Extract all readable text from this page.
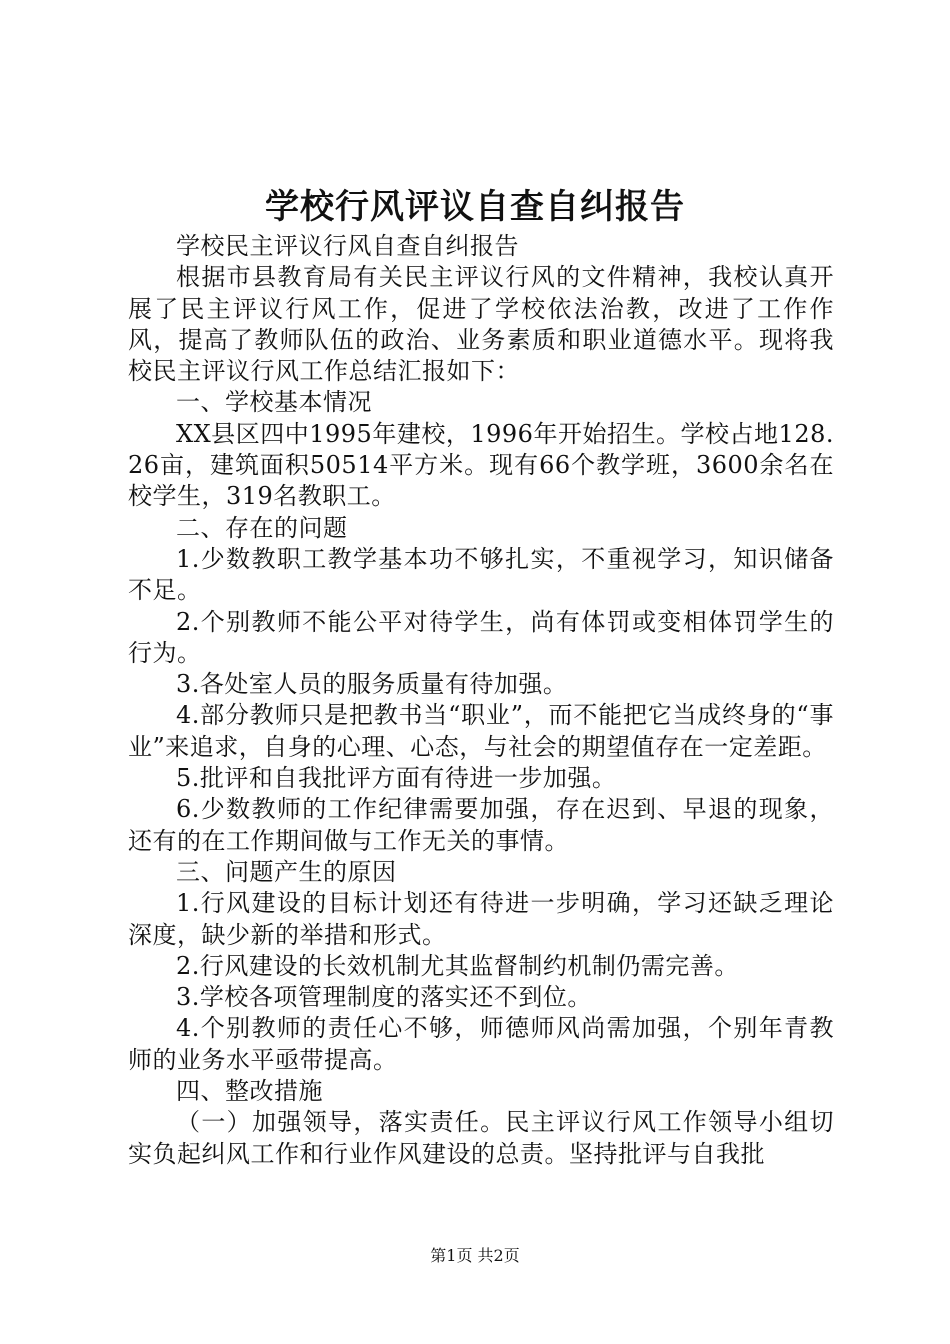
学校行风评议自查自纠报告

学校民主评议行风自查自纠报告

根据市县教育局有关民主评议行风的文件精神，我校认真开展了民主评议行风工作，促进了学校依法治教，改进了工作作风，提高了教师队伍的政治、业务素质和职业道德水平。现将我校民主评议行风工作总结汇报如下：

一、学校基本情况

XX县区四中1995年建校，1996年开始招生。学校占地128.26亩，建筑面积50514平方米。现有66个教学班，3600余名在校学生，319名教职工。

二、存在的问题

1.少数教职工教学基本功不够扎实，不重视学习，知识储备不足。

2.个别教师不能公平对待学生，尚有体罚或变相体罚学生的行为。

3.各处室人员的服务质量有待加强。

4.部分教师只是把教书当“职业”，而不能把它当成终身的“事业”来追求，自身的心理、心态，与社会的期望值存在一定差距。

5.批评和自我批评方面有待进一步加强。

6.少数教师的工作纪律需要加强，存在迟到、早退的现象，还有的在工作期间做与工作无关的事情。

三、问题产生的原因

1.行风建设的目标计划还有待进一步明确，学习还缺乏理论深度，缺少新的举措和形式。

2.行风建设的长效机制尤其监督制约机制仍需完善。

3.学校各项管理制度的落实还不到位。

4.个别教师的责任心不够，师德师风尚需加强，个别年青教师的业务水平亟带提高。

四、整改措施

（一）加强领导，落实责任。民主评议行风工作领导小组切实负起纠风工作和行业作风建设的总责。坚持批评与自我批

第1页 共2页
